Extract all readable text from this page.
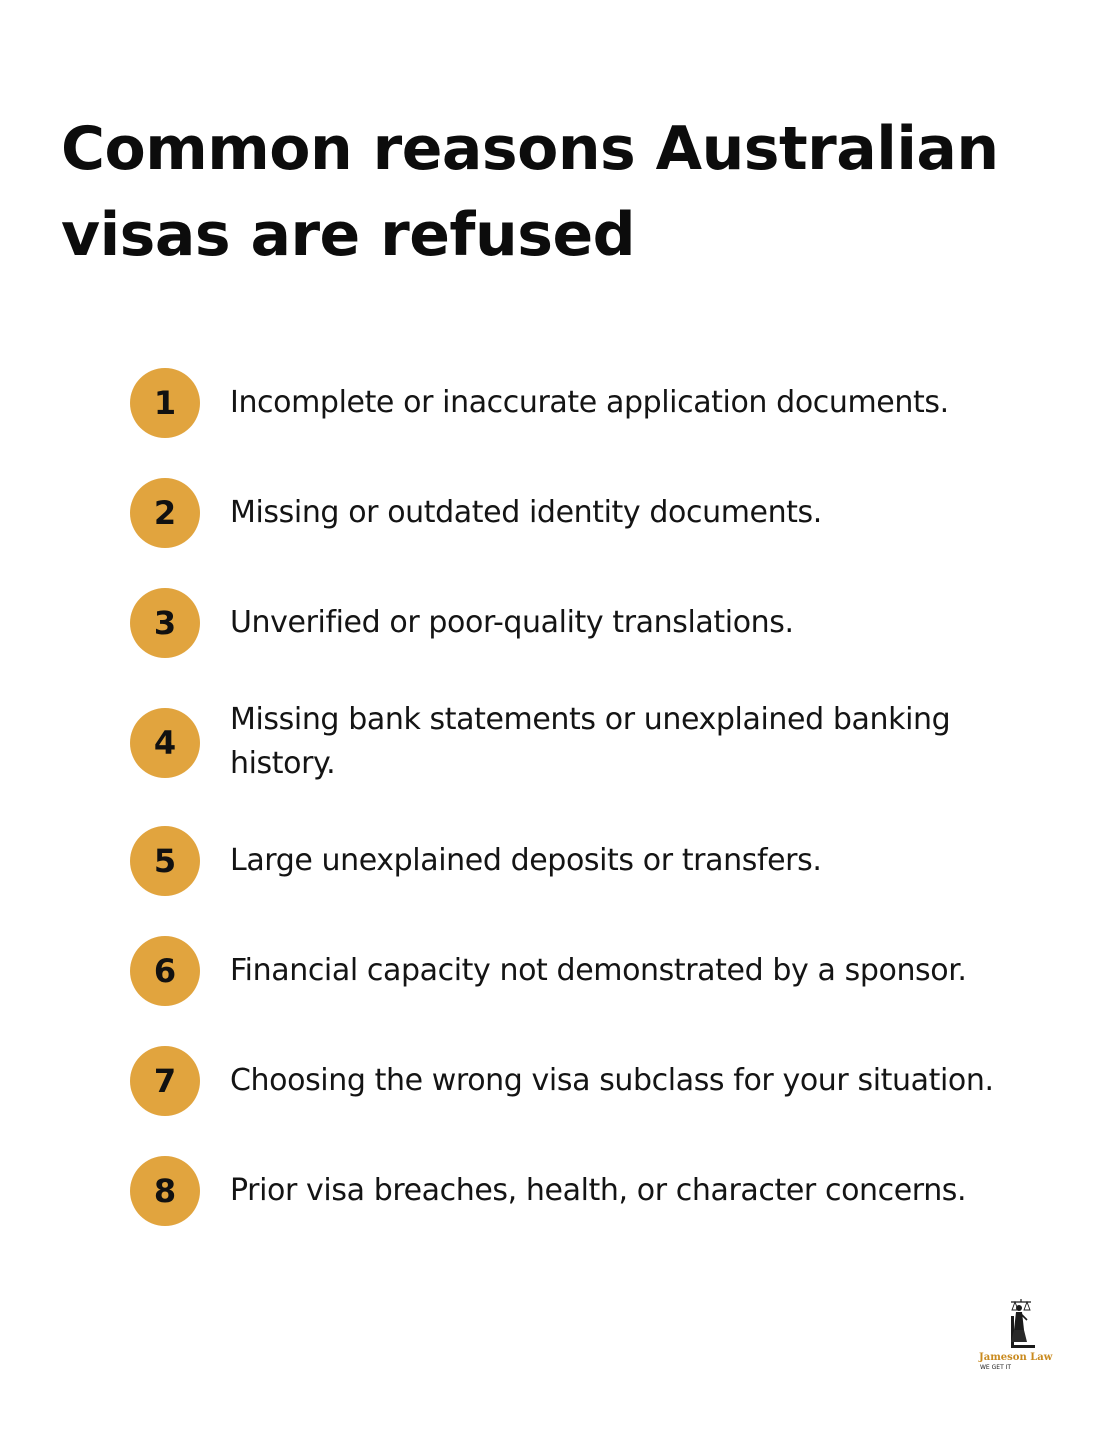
Common reasons Australian visas are refused
1	Incomplete or inaccurate application documents.
2	Missing or outdated identity documents.
3	Unverified or poor-quality translations.
4
Missing bank statements or unexplained banking history.
5	Large unexplained deposits or transfers.
6	Financial capacity not demonstrated by a sponsor.
7	Choosing the wrong visa subclass for your situation.
8	Prior visa breaches, health, or character concerns.
Jameson Law
WE GET IT
